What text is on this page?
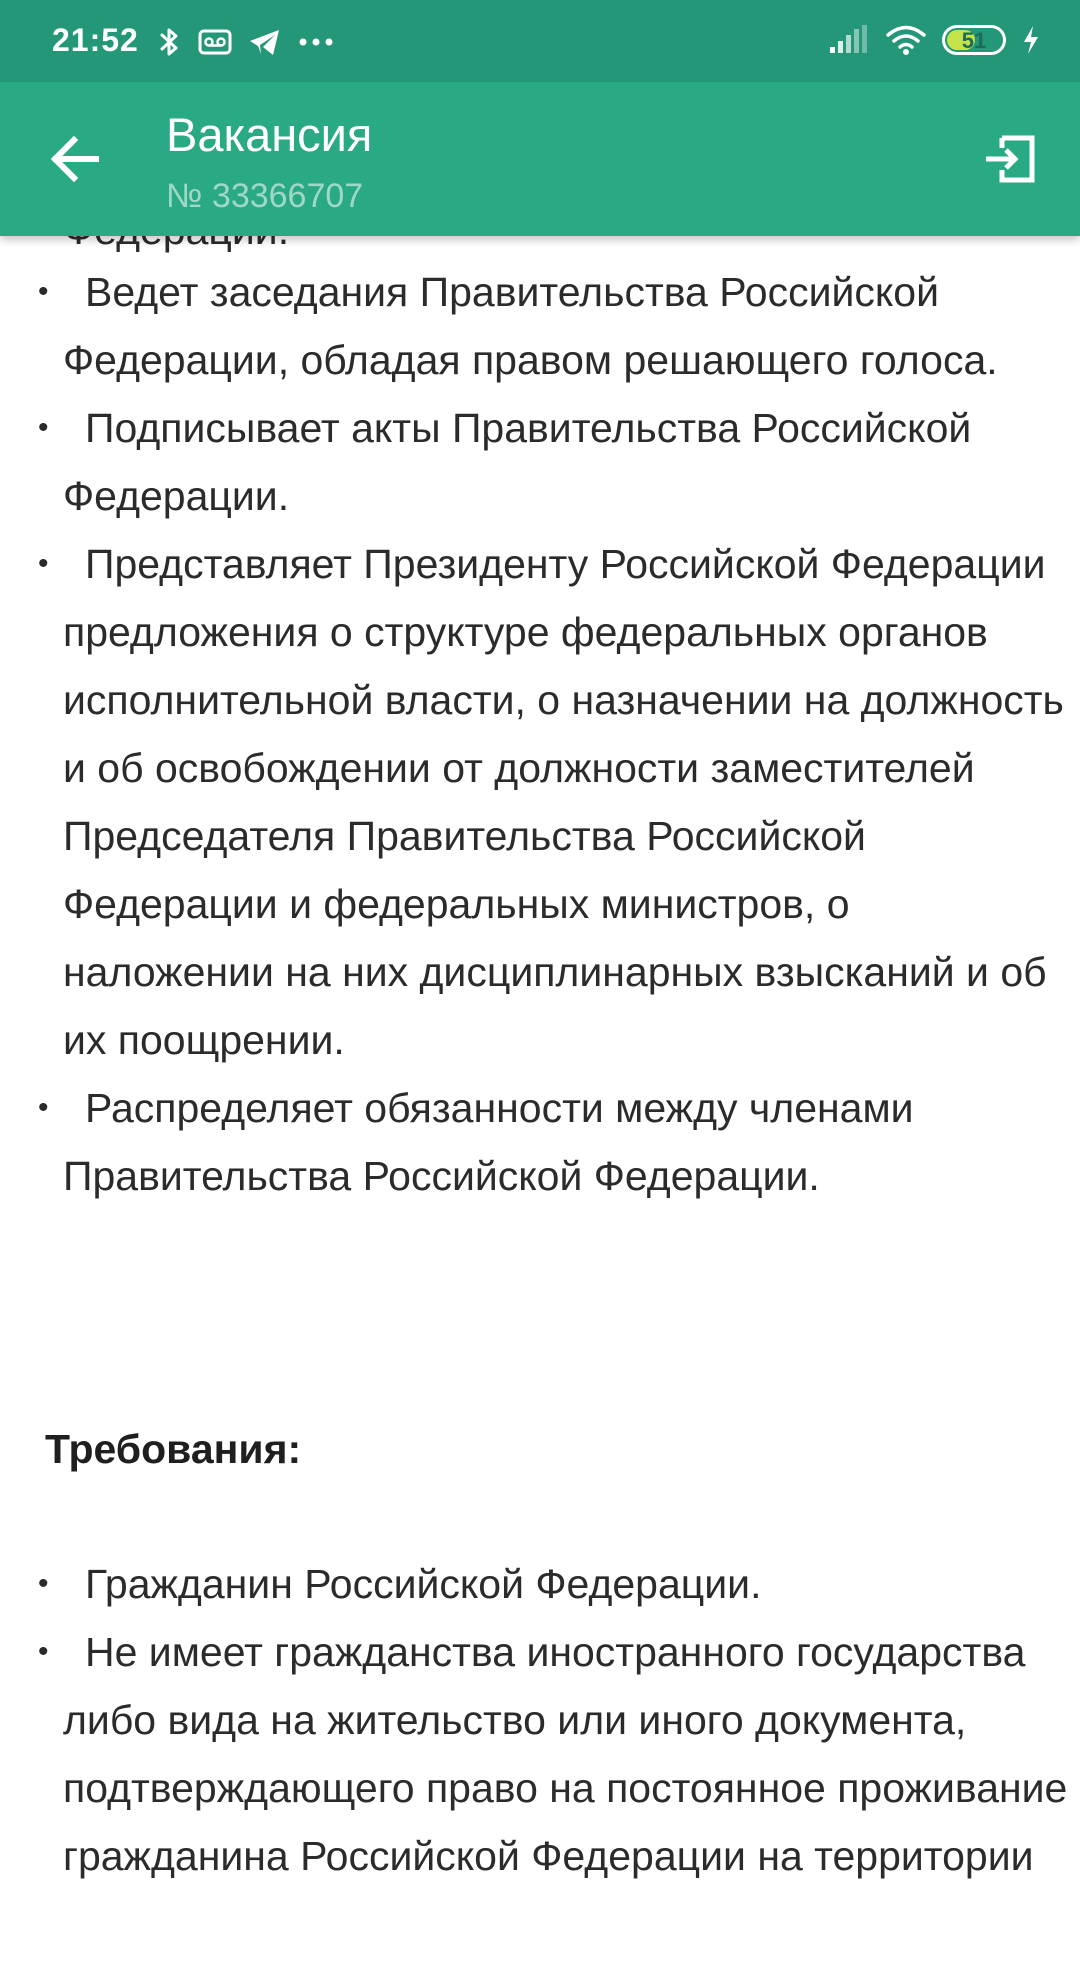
• Ведет заседания Правительства Российской Федерации, обладая правом решающего голоса.
• Подписывает акты Правительства Российской Федерации.
• Представляет Президенту Российской Федерации предложения о структуре федеральных органов исполнительной власти, о назначении на должность и об освобождении от должности заместителей Председателя Правительства Российской Федерации и федеральных министров, о наложении на них дисциплинарных взысканий и об их поощрении.
• Распределяет обязанности между членами Правительства Российской Федерации.
Требования:
• Гражданин Российской Федерации.
• Не имеет гражданства иностранного государства либо вида на жительство или иного документа, подтверждающего право на постоянное проживание гражданина Российской Федерации на территории
21:52	51
Вакансия
№ 33366707
